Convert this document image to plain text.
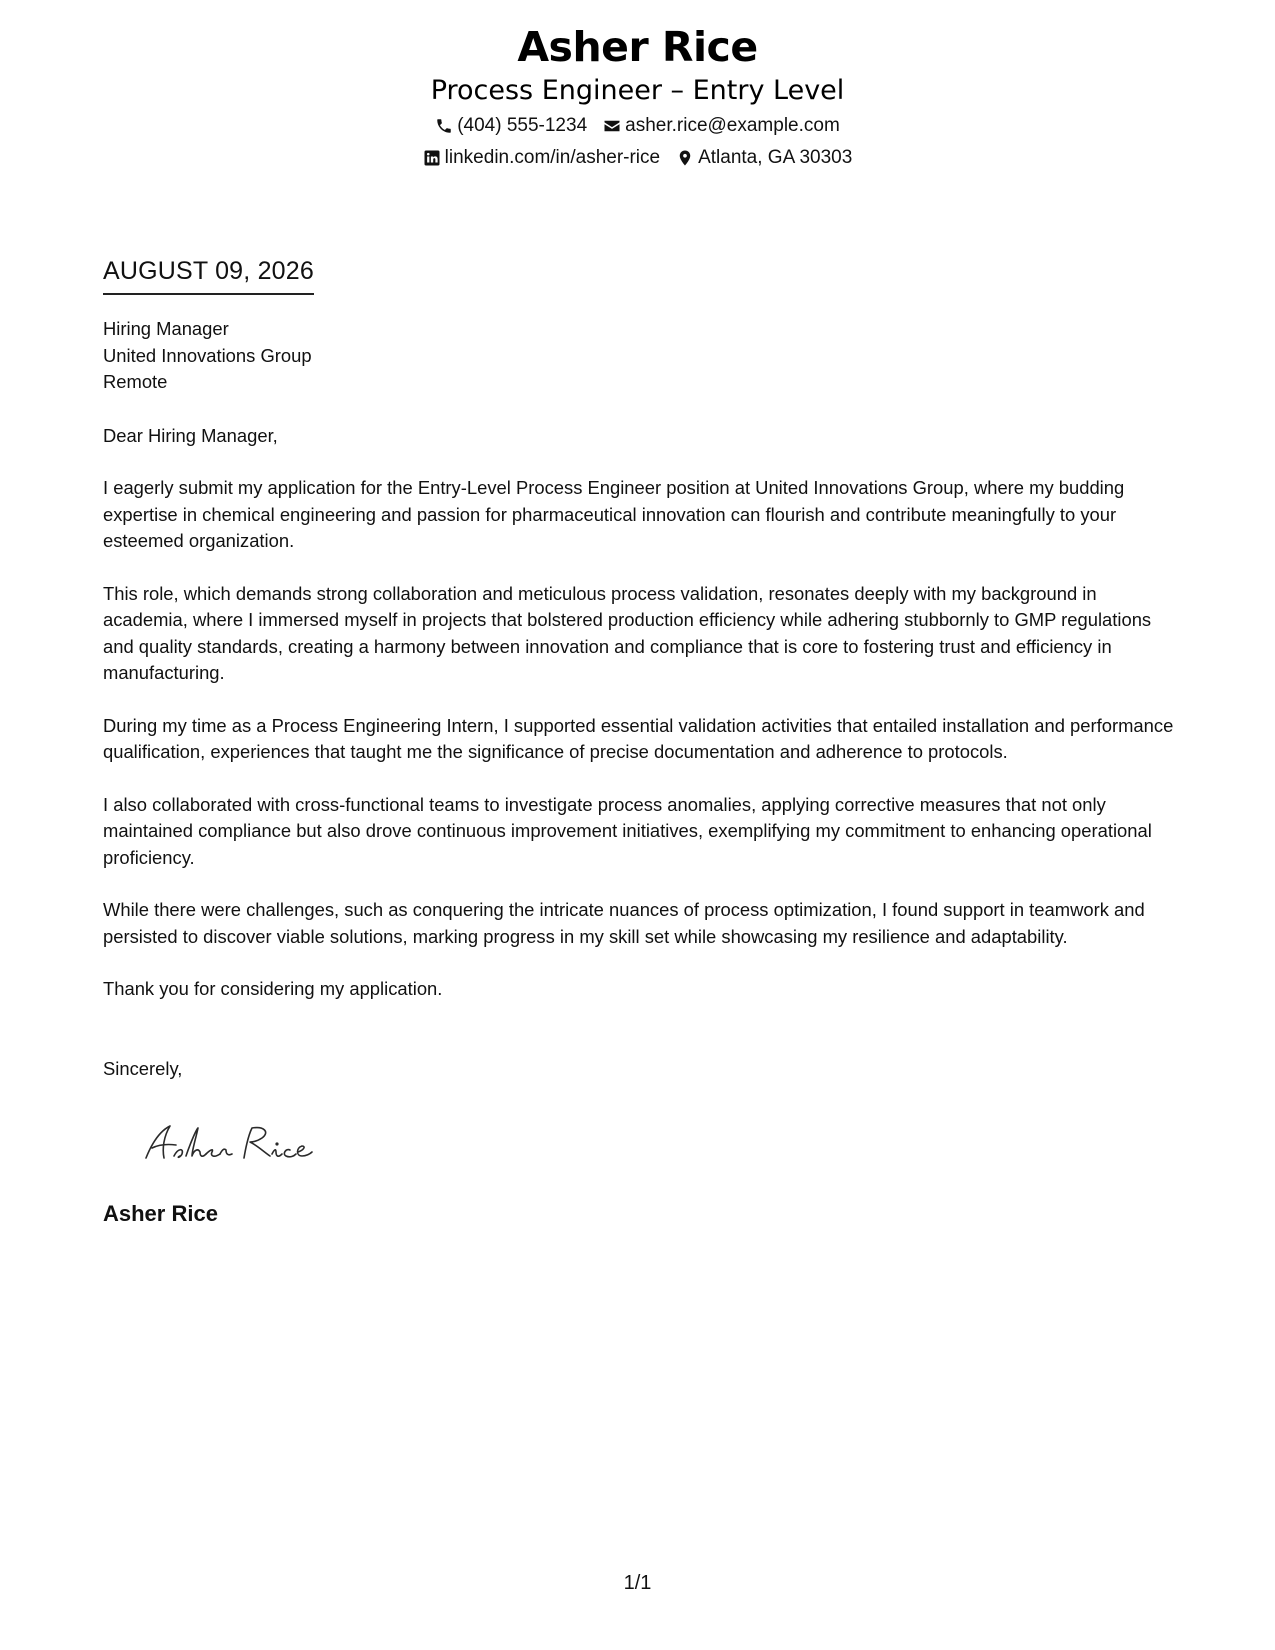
Asher Rice
Process Engineer – Entry Level
(404) 555-1234 asher.rice@example.com
linkedin.com/in/asher-rice Atlanta, GA 30303
AUGUST 09, 2026
Hiring Manager
United Innovations Group
Remote
Dear Hiring Manager,
I eagerly submit my application for the Entry-Level Process Engineer position at United Innovations Group, where my budding expertise in chemical engineering and passion for pharmaceutical innovation can flourish and contribute meaningfully to your esteemed organization.
This role, which demands strong collaboration and meticulous process validation, resonates deeply with my background in academia, where I immersed myself in projects that bolstered production efficiency while adhering stubbornly to GMP regulations and quality standards, creating a harmony between innovation and compliance that is core to fostering trust and efficiency in manufacturing.
During my time as a Process Engineering Intern, I supported essential validation activities that entailed installation and performance qualification, experiences that taught me the significance of precise documentation and adherence to protocols.
I also collaborated with cross-functional teams to investigate process anomalies, applying corrective measures that not only maintained compliance but also drove continuous improvement initiatives, exemplifying my commitment to enhancing operational proficiency.
While there were challenges, such as conquering the intricate nuances of process optimization, I found support in teamwork and persisted to discover viable solutions, marking progress in my skill set while showcasing my resilience and adaptability.
Thank you for considering my application.
Sincerely,
Asher Rice
1/1
